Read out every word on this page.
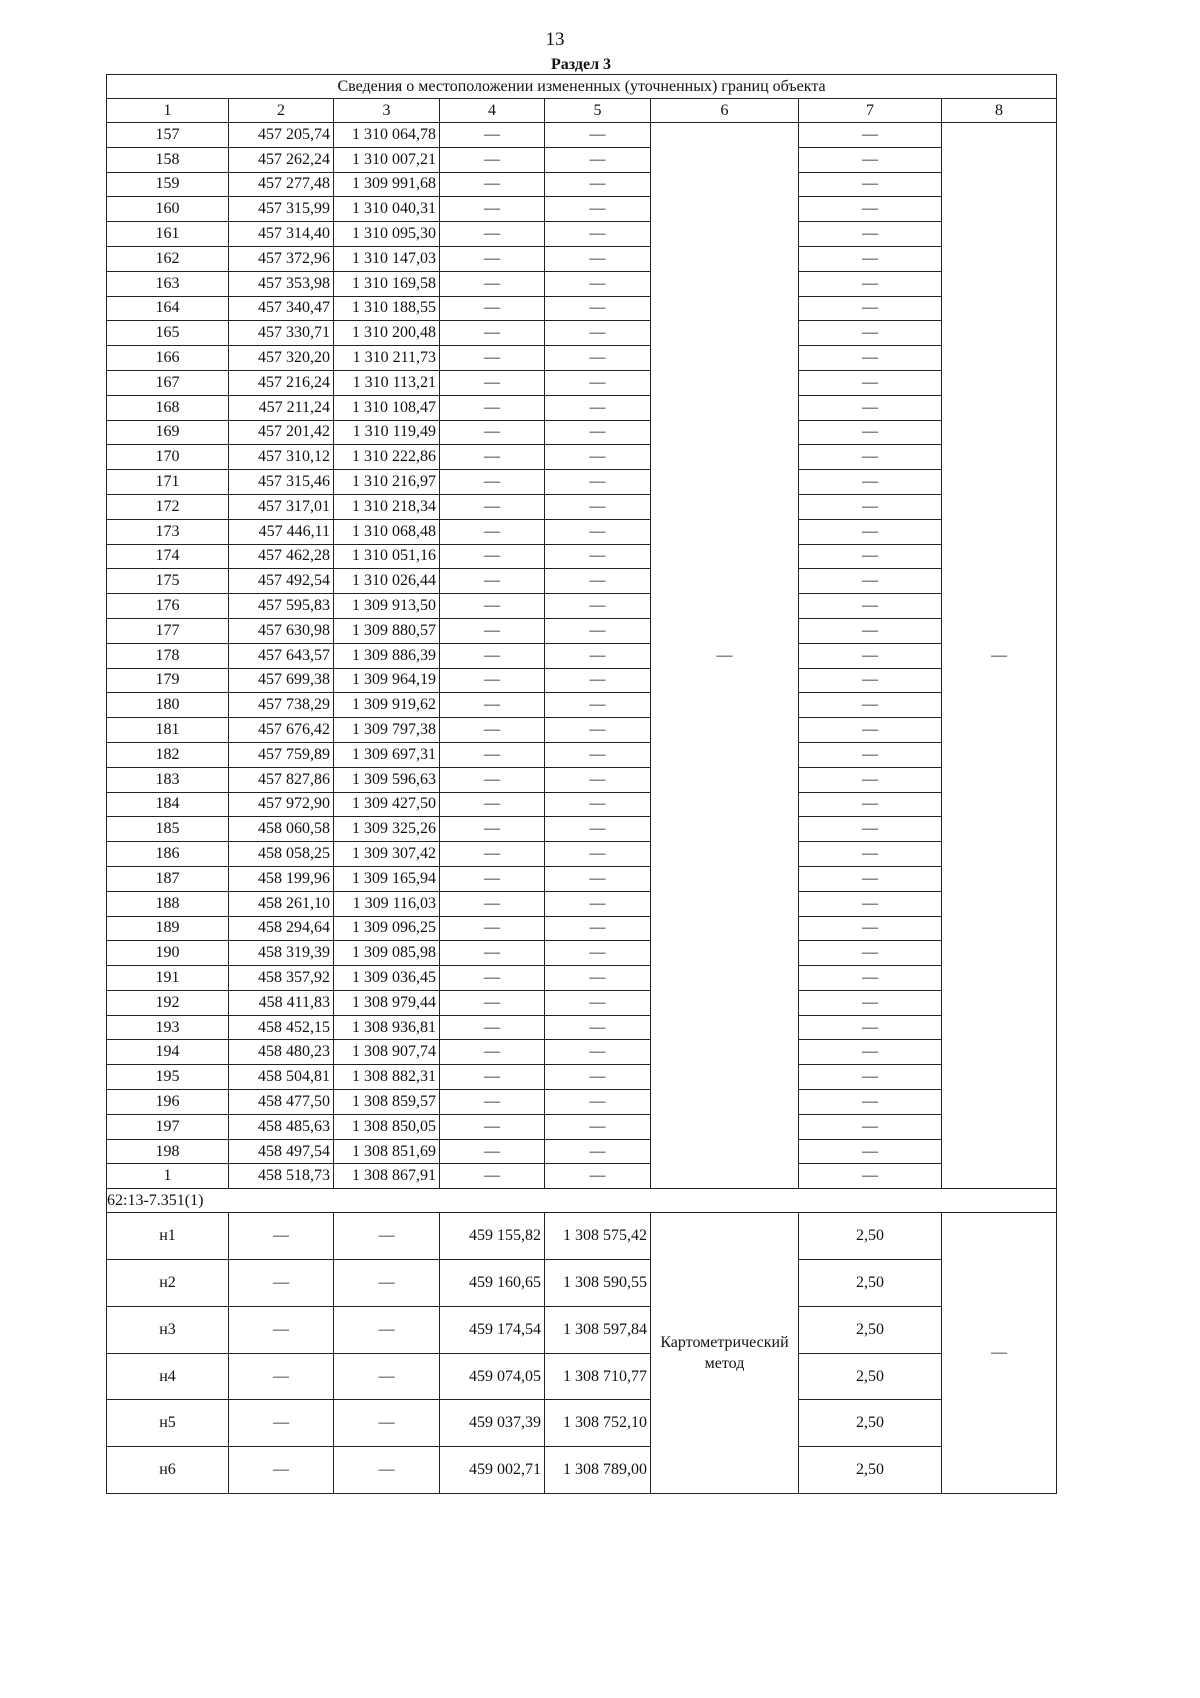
13
Раздел 3
Сведения о местоположении измененных (уточненных) границ объекта							
1	2	3	4	5	6	7	8
157	457 205,74	1 310 064,78	—	—	—	—	—
158	457 262,24	1 310 007,21	—	—		—	
159	457 277,48	1 309 991,68	—	—		—	
160	457 315,99	1 310 040,31	—	—		—	
161	457 314,40	1 310 095,30	—	—		—	
162	457 372,96	1 310 147,03	—	—		—	
163	457 353,98	1 310 169,58	—	—		—	
164	457 340,47	1 310 188,55	—	—		—	
165	457 330,71	1 310 200,48	—	—		—	
166	457 320,20	1 310 211,73	—	—		—	
167	457 216,24	1 310 113,21	—	—		—	
168	457 211,24	1 310 108,47	—	—		—	
169	457 201,42	1 310 119,49	—	—		—	
170	457 310,12	1 310 222,86	—	—		—	
171	457 315,46	1 310 216,97	—	—		—	
172	457 317,01	1 310 218,34	—	—		—	
173	457 446,11	1 310 068,48	—	—		—	
174	457 462,28	1 310 051,16	—	—		—	
175	457 492,54	1 310 026,44	—	—		—	
176	457 595,83	1 309 913,50	—	—		—	
177	457 630,98	1 309 880,57	—	—		—	
178	457 643,57	1 309 886,39	—	—		—	
179	457 699,38	1 309 964,19	—	—		—	
180	457 738,29	1 309 919,62	—	—		—	
181	457 676,42	1 309 797,38	—	—		—	
182	457 759,89	1 309 697,31	—	—		—	
183	457 827,86	1 309 596,63	—	—		—	
184	457 972,90	1 309 427,50	—	—		—	
185	458 060,58	1 309 325,26	—	—		—	
186	458 058,25	1 309 307,42	—	—		—	
187	458 199,96	1 309 165,94	—	—		—	
188	458 261,10	1 309 116,03	—	—		—	
189	458 294,64	1 309 096,25	—	—		—	
190	458 319,39	1 309 085,98	—	—		—	
191	458 357,92	1 309 036,45	—	—		—	
192	458 411,83	1 308 979,44	—	—		—	
193	458 452,15	1 308 936,81	—	—		—	
194	458 480,23	1 308 907,74	—	—		—	
195	458 504,81	1 308 882,31	—	—		—	
196	458 477,50	1 308 859,57	—	—		—	
197	458 485,63	1 308 850,05	—	—		—	
198	458 497,54	1 308 851,69	—	—		—	
1	458 518,73	1 308 867,91	—	—		—	
62:13-7.351(1)							
н1	—	—	459 155,82	1 308 575,42	Картометрический метод	2,50	—
н2	—	—	459 160,65	1 308 590,55		2,50	
н3	—	—	459 174,54	1 308 597,84		2,50	
н4	—	—	459 074,05	1 308 710,77		2,50	
н5	—	—	459 037,39	1 308 752,10		2,50	
н6	—	—	459 002,71	1 308 789,00		2,50	
